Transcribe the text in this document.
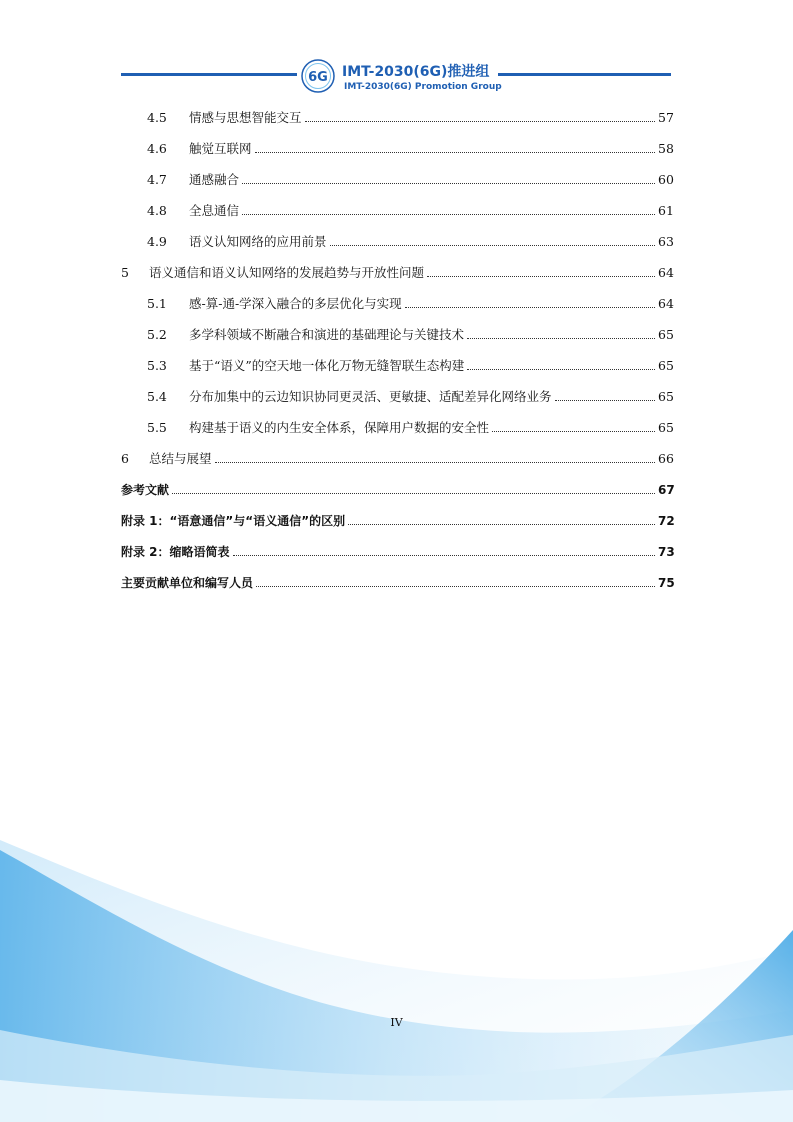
6G IMT-2030(6G)推进组
IMT-2030(6G) Promotion Group
4.5	情感与思想智能交互	57
4.6	触觉互联网	58
4.7	通感融合	60
4.8	全息通信	61
4.9	语义认知网络的应用前景	63
5	语义通信和语义认知网络的发展趋势与开放性问题	64
5.1	感-算-通-学深入融合的多层优化与实现	64
5.2	多学科领域不断融合和演进的基础理论与关键技术	65
5.3	基于“语义”的空天地一体化万物无缝智联生态构建	65
5.4	分布加集中的云边知识协同更灵活、更敏捷、适配差异化网络业务	65
5.5	构建基于语义的内生安全体系，保障用户数据的安全性	65
6	总结与展望	66
参考文献	67
附录 1：“语意通信”与“语义通信”的区别	72
附录 2：缩略语简表	73
主要贡献单位和编写人员	75
IV
